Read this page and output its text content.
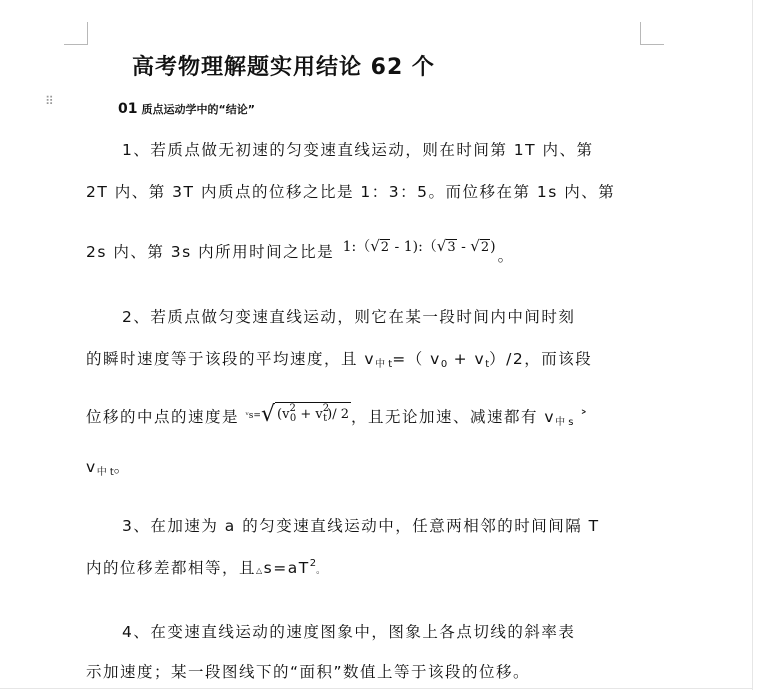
⠿
高考物理解题实用结论 62 个
01 质点运动学中的“结论”
1、若质点做无初速的匀变速直线运动，则在时间第 1T 内、第
2T 内、第 3T 内质点的位移之比是 1：3：5。而位移在第 1s 内、第
2s 内、第 3s 内所用时间之比是 1:（√2 - 1):（√3 - √2) 。
2、若质点做匀变速直线运动，则它在某一段时间内中间时刻
的瞬时速度等于该段的平均速度，且 $v_{中 t}=$（ $v_0 + v_t)/2$，而该段
位移的中点的速度是 ᵛs=√ $(v^2_0 + v^2_t)/$ 2 ，且无论加速、减速都有 $v_{中 s}$ ˃
$v_{中 t}$。
3、在加速为 a 的匀变速直线运动中，任意两相邻的时间间隔 T
内的位移差都相等，且$\triangle s=aT^2$。
4、在变速直线运动的速度图象中，图象上各点切线的斜率表
示加速度；某一段图线下的“面积”数值上等于该段的位移。
